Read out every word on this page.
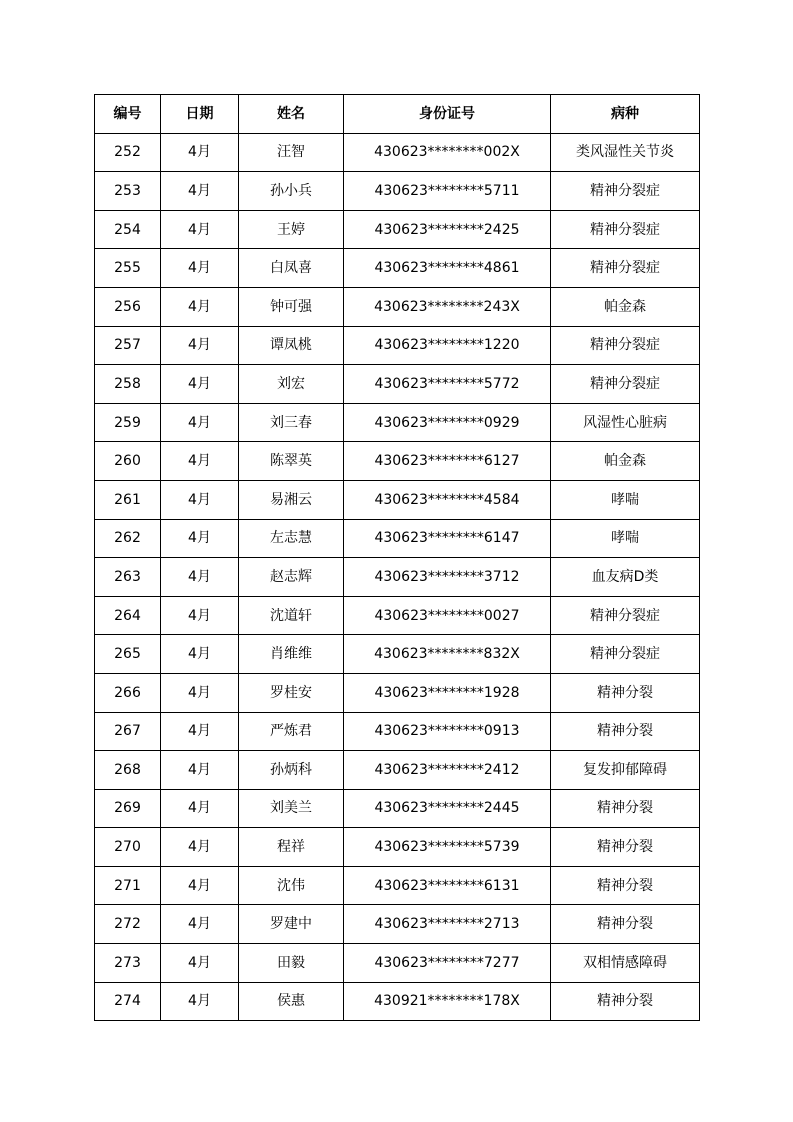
编号	日期	姓名	身份证号	病种
252	4月	汪智	430623********002X	类风湿性关节炎
253	4月	孙小兵	430623********5711	精神分裂症
254	4月	王婷	430623********2425	精神分裂症
255	4月	白凤喜	430623********4861	精神分裂症
256	4月	钟可强	430623********243X	帕金森
257	4月	谭凤桃	430623********1220	精神分裂症
258	4月	刘宏	430623********5772	精神分裂症
259	4月	刘三春	430623********0929	风湿性心脏病
260	4月	陈翠英	430623********6127	帕金森
261	4月	易湘云	430623********4584	哮喘
262	4月	左志慧	430623********6147	哮喘
263	4月	赵志辉	430623********3712	血友病D类
264	4月	沈道轩	430623********0027	精神分裂症
265	4月	肖维维	430623********832X	精神分裂症
266	4月	罗桂安	430623********1928	精神分裂
267	4月	严炼君	430623********0913	精神分裂
268	4月	孙炳科	430623********2412	复发抑郁障碍
269	4月	刘美兰	430623********2445	精神分裂
270	4月	程祥	430623********5739	精神分裂
271	4月	沈伟	430623********6131	精神分裂
272	4月	罗建中	430623********2713	精神分裂
273	4月	田毅	430623********7277	双相情感障碍
274	4月	侯惠	430921********178X	精神分裂
